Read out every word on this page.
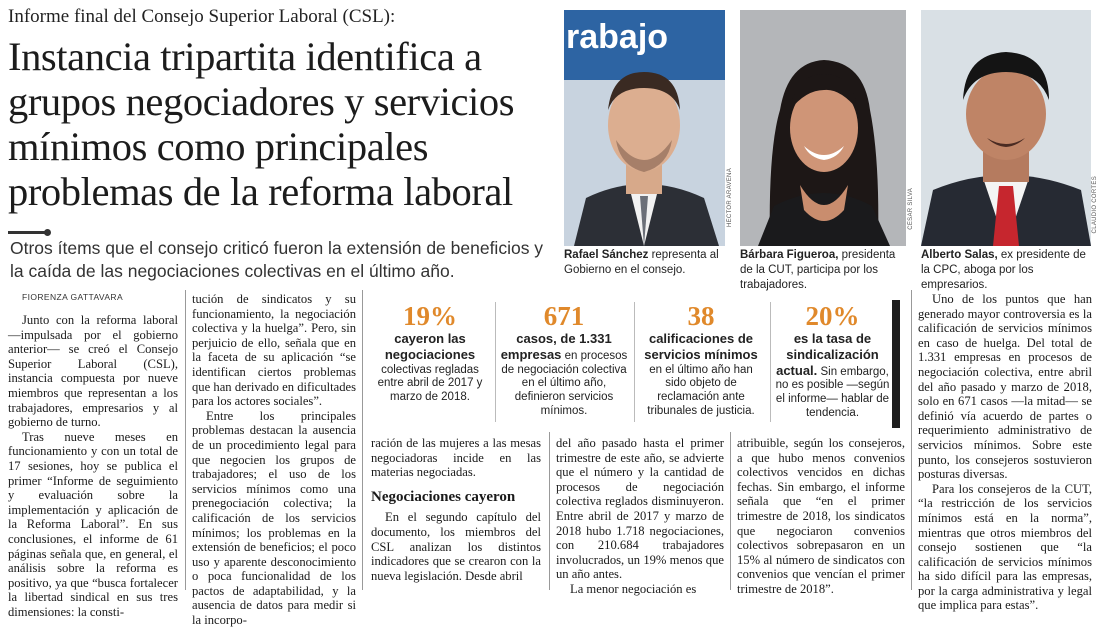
Informe final del Consejo Superior Laboral (CSL):
Instancia tripartita identifica a grupos negociadores y servicios mínimos como principales problemas de la reforma laboral
Otros ítems que el consejo criticó fueron la extensión de beneficios y la caída de las negociaciones colectivas en el último año.
rabajo
HÉCTOR ARAVENA	CÉSAR SILVA	CLAUDIO CORTÉS
Rafael Sánchez representa al Gobierno en el consejo.
Bárbara Figueroa, presidenta de la CUT, participa por los trabajadores.
Alberto Salas, ex presidente de la CPC, aboga por los empresarios.
FIORENZA GATTAVARA

Junto con la reforma laboral —impulsada por el gobierno anterior— se creó el Consejo Superior Laboral (CSL), instancia compuesta por nueve miembros que representan a los trabajadores, empresarios y al gobierno de turno.

Tras nueve meses en funcionamiento y con un total de 17 sesiones, hoy se publica el primer “Informe de seguimiento y evaluación sobre la implementación y aplicación de la Reforma Laboral”. En sus conclusiones, el informe de 61 páginas señala que, en general, el análisis sobre la reforma es positivo, ya que “busca fortalecer la libertad sindical en sus tres dimensiones: la consti-

tución de sindicatos y su funcionamiento, la negociación colectiva y la huelga”. Pero, sin perjuicio de ello, señala que en la faceta de su aplicación “se identifican ciertos problemas que han derivado en dificultades para los actores sociales”.

Entre los principales problemas destacan la ausencia de un procedimiento legal para que negocien los grupos de trabajadores; el uso de los servicios mínimos como una prenegociación colectiva; la calificación de los servicios mínimos; los problemas en la extensión de beneficios; el poco uso y aparente desconocimiento o poca funcionalidad de los pactos de adaptabilidad, y la ausencia de datos para medir si la incorpo-

19%
cayeron las negociaciones colectivas regladas entre abril de 2017 y marzo de 2018.
671
casos, de 1.331 empresas en procesos de negociación colectiva en el último año, definieron servicios mínimos.
38
calificaciones de servicios mínimos en el último año han sido objeto de reclamación ante tribunales de justicia.
20%
es la tasa de sindicalización actual. Sin embargo, no es posible —según el informe— hablar de tendencia.

ración de las mujeres a las mesas negociadoras incide en las materias negociadas.

Negociaciones cayeron

En el segundo capítulo del documento, los miembros del CSL analizan los distintos indicadores que se crearon con la nueva legislación. Desde abril

del año pasado hasta el primer trimestre de este año, se advierte que el número y la cantidad de procesos de negociación colectiva reglados disminuyeron. Entre abril de 2017 y marzo de 2018 hubo 1.718 negociaciones, con 210.684 trabajadores involucrados, un 19% menos que un año antes.

La menor negociación es

atribuible, según los consejeros, a que hubo menos convenios colectivos vencidos en dichas fechas. Sin embargo, el informe señala que “en el primer trimestre de 2018, los sindicatos que negociaron convenios colectivos sobrepasaron en un 15% al número de sindicatos con convenios que vencían el primer trimestre de 2018”.

Uno de los puntos que han generado mayor controversia es la calificación de servicios mínimos en caso de huelga. Del total de 1.331 empresas en procesos de negociación colectiva, entre abril del año pasado y marzo de 2018, solo en 671 casos —la mitad— se definió vía acuerdo de partes o requerimiento administrativo de servicios mínimos. Sobre este punto, los consejeros sostuvieron posturas diversas.

Para los consejeros de la CUT, “la restricción de los servicios mínimos está en la norma”, mientras que otros miembros del consejo sostienen que “la calificación de servicios mínimos ha sido difícil para las empresas, por la carga administrativa y legal que implica para estas”.
